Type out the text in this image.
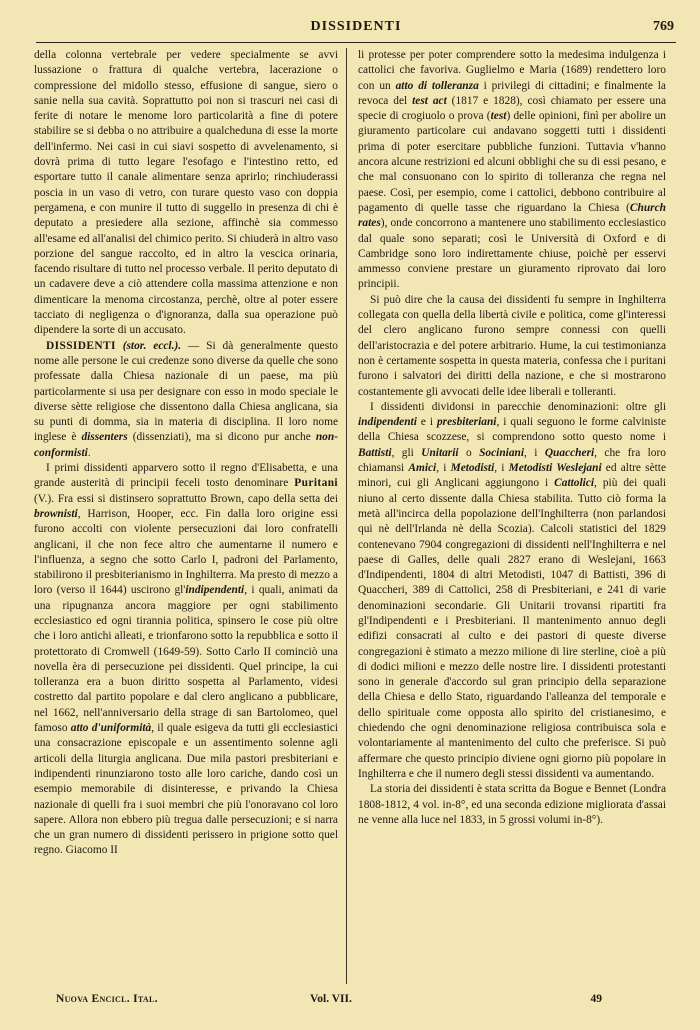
DISSIDENTI	769

della colonna vertebrale per vedere specialmente se avvi lussazione o frattura di qualche vertebra, lacerazione o compressione del midollo stesso, effusione di sangue, siero o sanie nella sua cavità. Soprattutto poi non si trascuri nei casi di ferite di notare le menome loro particolarità a fine di potere stabilire se si debba o no attribuire a qualcheduna di esse la morte dell'infermo. Nei casi in cui siavi sospetto di avvelenamento, si dovrà prima di tutto legare l'esofago e l'intestino retto, ed esportare tutto il canale alimentare senza aprirlo; rinchiuderassi poscia in un vaso di vetro, con turare questo vaso con doppia pergamena, e con munire il tutto di suggello in presenza di chi è deputato a presiedere alla sezione, affinchè sia commesso all'esame ed all'analisi del chimico perito. Si chiuderà in altro vaso porzione del sangue raccolto, ed in altro la vescica orinaria, facendo risultare di tutto nel processo verbale. Il perito deputato di un cadavere deve a ciò attendere colla massima attenzione e non dimenticare la menoma circostanza, perchè, oltre al poter essere tacciato di negligenza o d'ignoranza, dalla sua operazione può dipendere la sorte di un accusato.

DISSIDENTI (stor. eccl.). — Si dà generalmente questo nome alle persone le cui credenze sono diverse da quelle che sono professate dalla Chiesa nazionale di un paese, ma più particolarmente si usa per designare con esso in modo speciale le diverse sètte religiose che dissentono dalla Chiesa anglicana, sia su punti di domma, sia in materia di disciplina. Il loro nome inglese è dissenters (dissenziati), ma si dicono pur anche non-conformisti.

I primi dissidenti apparvero sotto il regno d'Elisabetta, e una grande austerità di principii feceli tosto denominare Puritani (V.). Fra essi si distinsero soprattutto Brown, capo della setta dei brownisti, Harrison, Hooper, ecc. Fin dalla loro origine essi furono accolti con violente persecuzioni dai loro confratelli anglicani, il che non fece altro che aumentarne il numero e l'influenza, a segno che sotto Carlo I, padroni del Parlamento, stabilirono il presbiterianismo in Inghilterra. Ma presto di mezzo a loro (verso il 1644) uscirono gl'indipendenti, i quali, animati da una ripugnanza ancora maggiore per ogni stabilimento ecclesiastico ed ogni tirannia politica, spinsero le cose più oltre che i loro antichi alleati, e trionfarono sotto la repubblica e sotto il protettorato di Cromwell (1649-59). Sotto Carlo II cominciò una novella èra di persecuzione pei dissidenti. Quel principe, la cui tolleranza era a buon diritto sospetta al Parlamento, videsi costretto dal partito popolare e dal clero anglicano a pubblicare, nel 1662, nell'anniversario della strage di san Bartolomeo, quel famoso atto d'uniformità, il quale esigeva da tutti gli ecclesiastici una consacrazione episcopale e un assentimento solenne agli articoli della liturgia anglicana. Due mila pastori presbiteriani e indipendenti rinunziarono tosto alle loro cariche, dando così un esempio memorabile di disinteresse, e privando la Chiesa nazionale di quelli fra i suoi membri che più l'onoravano col loro sapere. Allora non ebbero più tregua dalle persecuzioni; e si narra che un gran numero di dissidenti perissero in prigione sotto quel regno. Giacomo II

li protesse per poter comprendere sotto la medesima indulgenza i cattolici che favoriva. Guglielmo e Maria (1689) rendettero loro con un atto di tolleranza i privilegi di cittadini; e finalmente la revoca del test act (1817 e 1828), così chiamato per essere una specie di crogiuolo o prova (test) delle opinioni, finì per abolire un giuramento particolare cui andavano soggetti tutti i dissidenti prima di poter esercitare pubbliche funzioni. Tuttavia v'hanno ancora alcune restrizioni ed alcuni obblighi che su di essi pesano, e che mal consuonano con lo spirito di tolleranza che regna nel paese. Così, per esempio, come i cattolici, debbono contribuire al pagamento di quelle tasse che riguardano la Chiesa (Church rates), onde concorrono a mantenere uno stabilimento ecclesiastico dal quale sono separati; così le Università di Oxford e di Cambridge sono loro indirettamente chiuse, poichè per esservi ammesso conviene prestare un giuramento riprovato dai loro principii.

Si può dire che la causa dei dissidenti fu sempre in Inghilterra collegata con quella della libertà civile e politica, come gl'interessi del clero anglicano furono sempre connessi con quelli dell'aristocrazia e del potere arbitrario. Hume, la cui testimonianza non è certamente sospetta in questa materia, confessa che i puritani furono i salvatori dei diritti della nazione, e che si mostrarono costantemente gli avvocati delle idee liberali e tolleranti.

I dissidenti dividonsi in parecchie denominazioni: oltre gli indipendenti e i presbiteriani, i quali seguono le forme calviniste della Chiesa scozzese, si comprendono sotto questo nome i Battisti, gli Unitarii o Sociniani, i Quaccheri, che fra loro chiamansi Amici, i Metodisti, i Metodisti Weslejani ed altre sètte minori, cui gli Anglicani aggiungono i Cattolici, più dei quali niuno al certo dissente dalla Chiesa stabilita. Tutto ciò forma la metà all'incirca della popolazione dell'Inghilterra (non parlandosi qui nè dell'Irlanda nè della Scozia). Calcoli statistici del 1829 contenevano 7904 congregazioni di dissidenti nell'Inghilterra e nel paese di Galles, delle quali 2827 erano di Weslejani, 1663 d'Indipendenti, 1804 di altri Metodisti, 1047 di Battisti, 396 di Quaccheri, 389 di Cattolici, 258 di Presbiteriani, e 241 di varie denominazioni secondarie. Gli Unitarii trovansi ripartiti fra gl'Indipendenti e i Presbiteriani. Il mantenimento annuo degli edifizi consacrati al culto e dei pastori di queste diverse congregazioni è stimato a mezzo milione di lire sterline, cioè a più di dodici milioni e mezzo delle nostre lire. I dissidenti protestanti sono in generale d'accordo sul gran principio della separazione della Chiesa e dello Stato, riguardando l'alleanza del temporale e dello spirituale come opposta allo spirito del cristianesimo, e chiedendo che ogni denominazione religiosa contribuisca sola e volontariamente al mantenimento del culto che preferisce. Si può affermare che questo principio diviene ogni giorno più popolare in Inghilterra e che il numero degli stessi dissidenti va aumentando.

La storia dei dissidenti è stata scritta da Bogue e Bennet (Londra 1808-1812, 4 vol. in-8°, ed una seconda edizione migliorata d'assai ne venne alla luce nel 1833, in 5 grossi volumi in-8°).

Nuova Encicl. Ital.	Vol. VII.	49
